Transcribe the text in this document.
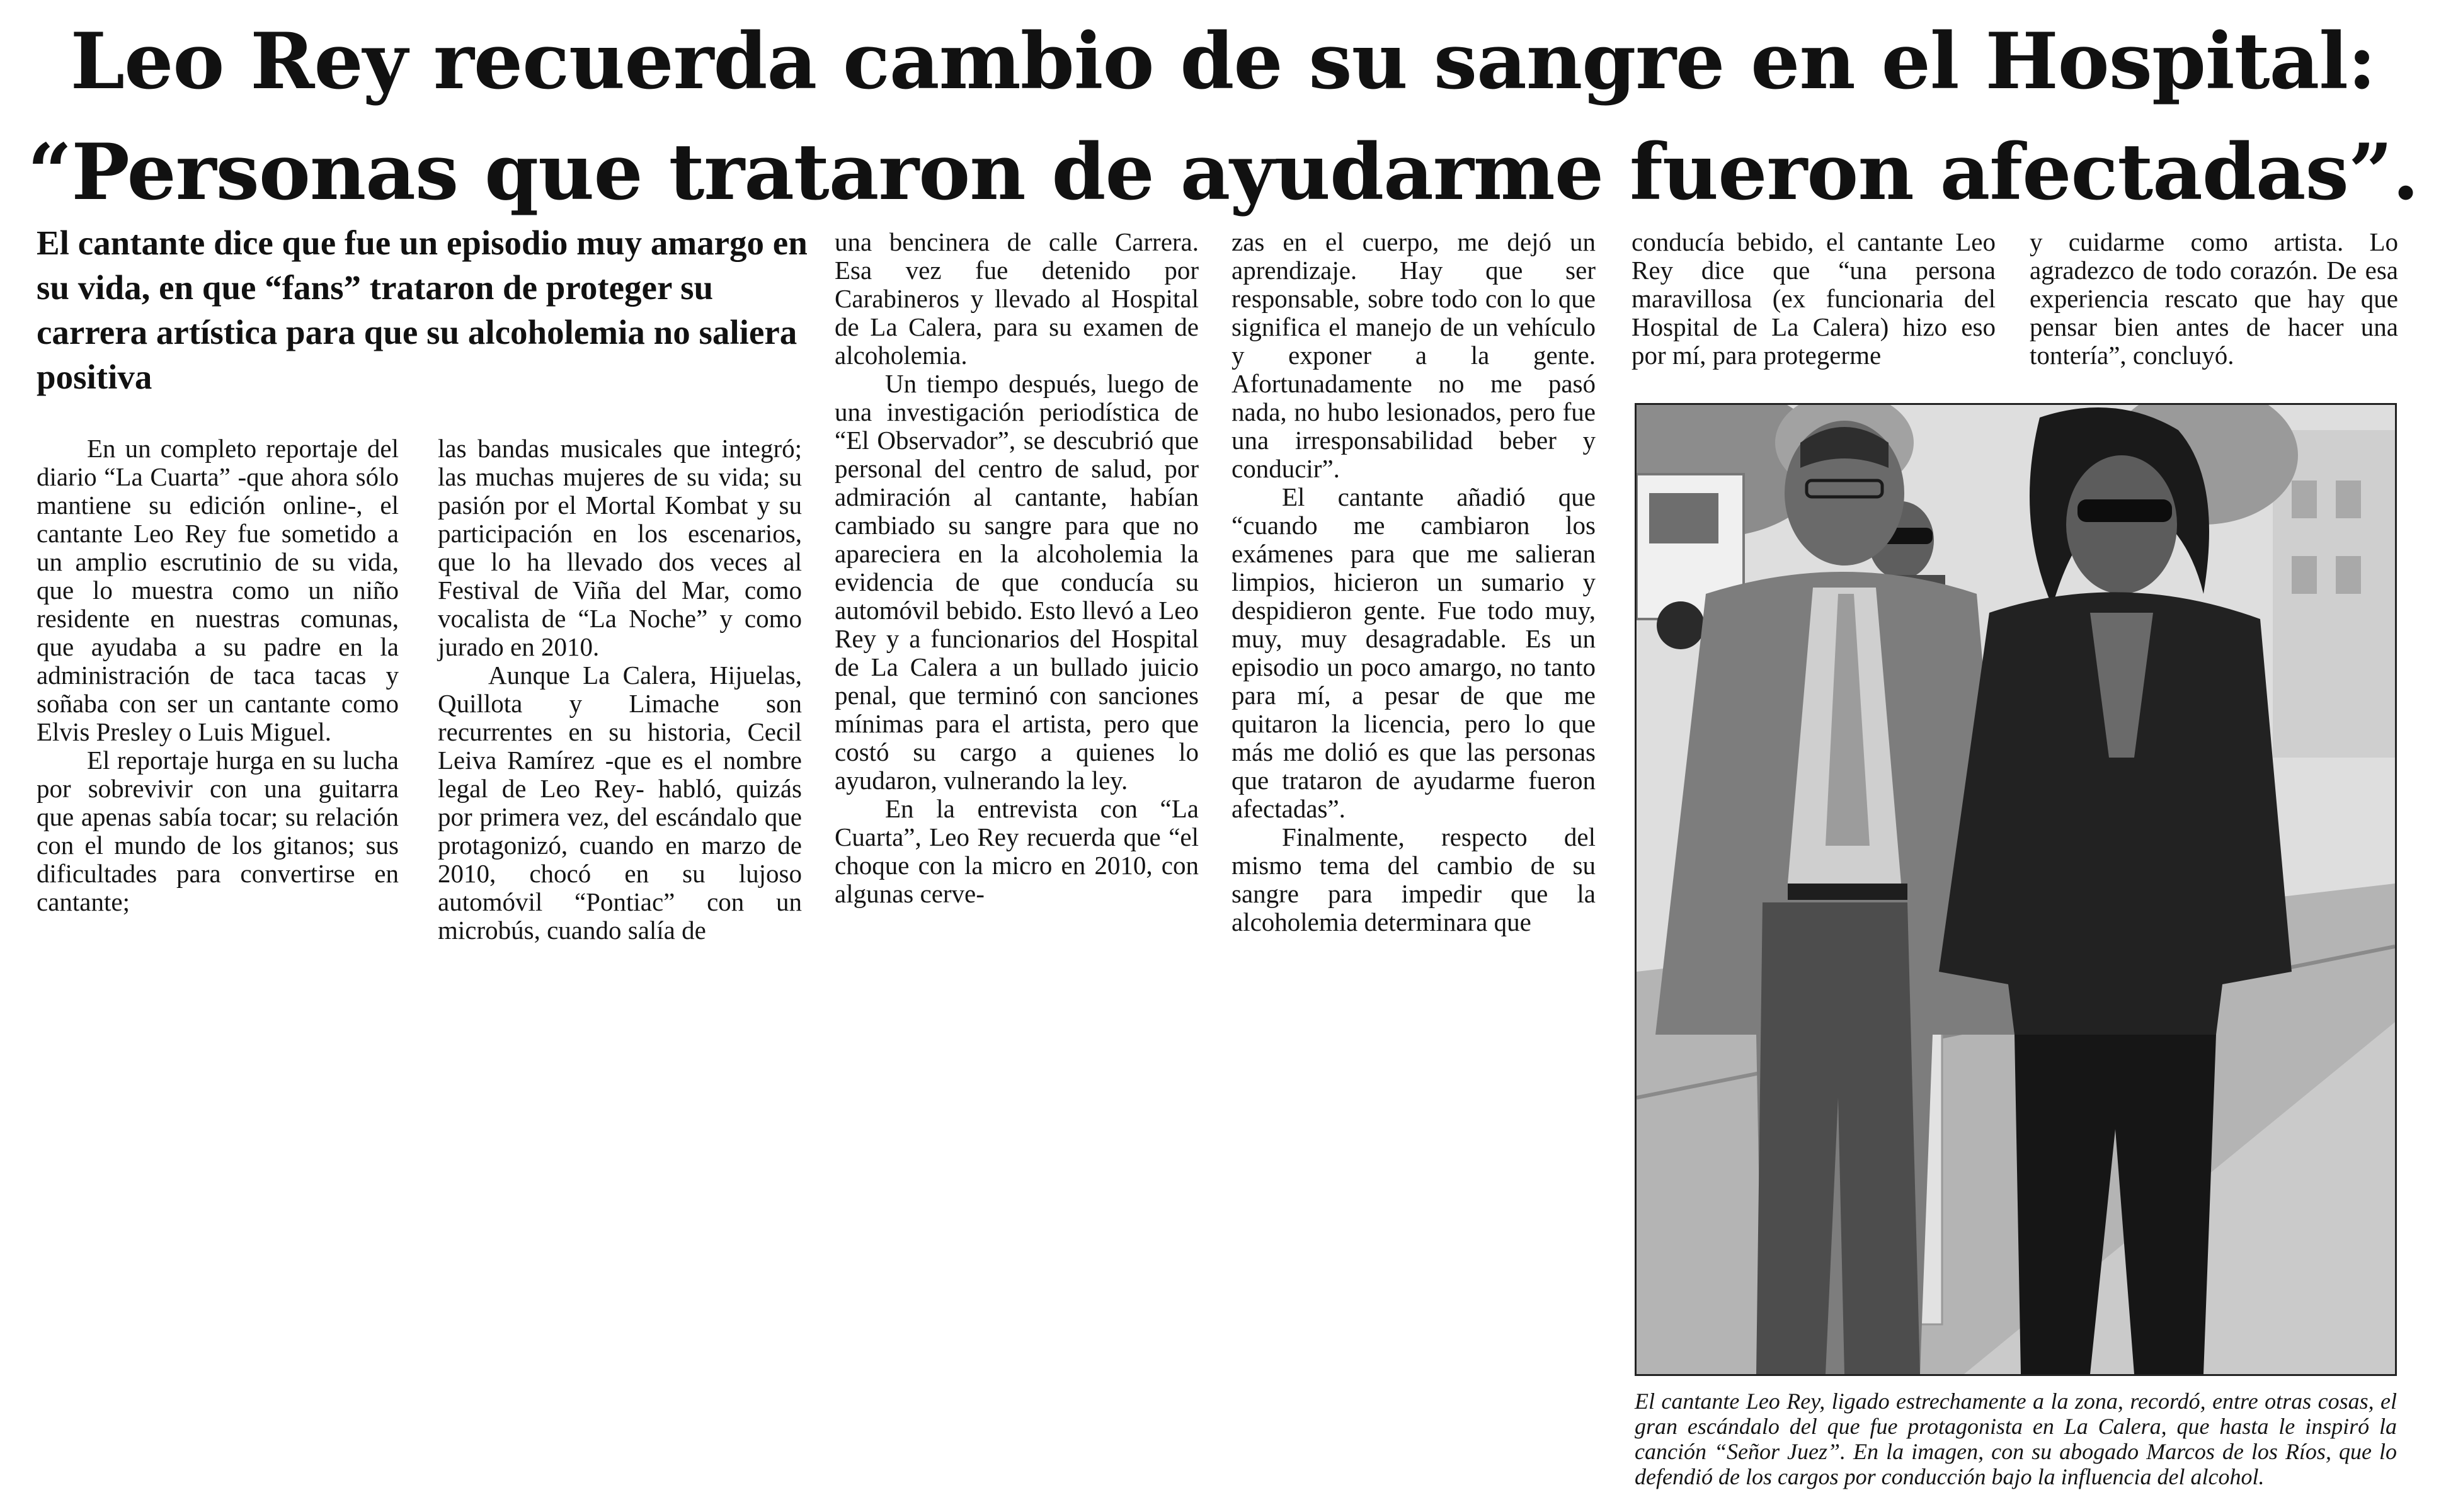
Leo Rey recuerda cambio de su sangre en el Hospital:
“Personas que trataron de ayudarme fueron afectadas”.
El cantante dice que fue un episodio muy amargo en su vida, en que “fans” trataron de proteger su carrera artística para que su alcoholemia no saliera positiva

En un completo reportaje del diario “La Cuarta” -que ahora sólo mantiene su edición online-, el cantante Leo Rey fue sometido a un amplio escrutinio de su vida, que lo muestra como un niño residente en nuestras comunas, que ayudaba a su padre en la administración de taca tacas y soñaba con ser un cantante como Elvis Presley o Luis Miguel.

El reportaje hurga en su lucha por sobrevivir con una guitarra que apenas sabía tocar; su relación con el mundo de los gitanos; sus dificultades para convertirse en cantante;

las bandas musicales que integró; las muchas mujeres de su vida; su pasión por el Mortal Kombat y su participación en los escenarios, que lo ha llevado dos veces al Festival de Viña del Mar, como vocalista de “La Noche” y como jurado en 2010.

Aunque La Calera, Hijuelas, Quillota y Limache son recurrentes en su historia, Cecil Leiva Ramírez -que es el nombre legal de Leo Rey- habló, quizás por primera vez, del escándalo que protagonizó, cuando en marzo de 2010, chocó en su lujoso automóvil “Pontiac” con un microbús, cuando salía de

una bencinera de calle Carrera. Esa vez fue detenido por Carabineros y llevado al Hospital de La Calera, para su examen de alcoholemia.

Un tiempo después, luego de una investigación periodística de “El Observador”, se descubrió que personal del centro de salud, por admiración al cantante, habían cambiado su sangre para que no apareciera en la alcoholemia la evidencia de que conducía su automóvil bebido. Esto llevó a Leo Rey y a funcionarios del Hospital de La Calera a un bullado juicio penal, que terminó con sanciones mínimas para el artista, pero que costó su cargo a quienes lo ayudaron, vulnerando la ley.

En la entrevista con “La Cuarta”, Leo Rey recuerda que “el choque con la micro en 2010, con algunas cerve-

zas en el cuerpo, me dejó un aprendizaje. Hay que ser responsable, sobre todo con lo que significa el manejo de un vehículo y exponer a la gente. Afortunadamente no me pasó nada, no hubo lesionados, pero fue una irresponsabilidad beber y conducir”.

El cantante añadió que “cuando me cambiaron los exámenes para que me salieran limpios, hicieron un sumario y despidieron gente. Fue todo muy, muy, muy desagradable. Es un episodio un poco amargo, no tanto para mí, a pesar de que me quitaron la licencia, pero lo que más me dolió es que las personas que trataron de ayudarme fueron afectadas”.

Finalmente, respecto del mismo tema del cambio de su sangre para impedir que la alcoholemia determinara que

conducía bebido, el cantante Leo Rey dice que “una persona maravillosa (ex funcionaria del Hospital de La Calera) hizo eso por mí, para protegerme

y cuidarme como artista. Lo agradezco de todo corazón. De esa experiencia rescato que hay que pensar bien antes de hacer una tontería”, concluyó.

El cantante Leo Rey, ligado estrechamente a la zona, recordó, entre otras cosas, el gran escándalo del que fue protagonista en La Calera, que hasta le inspiró la canción “Señor Juez”. En la imagen, con su abogado Marcos de los Ríos, que lo defendió de los cargos por conducción bajo la influencia del alcohol.
